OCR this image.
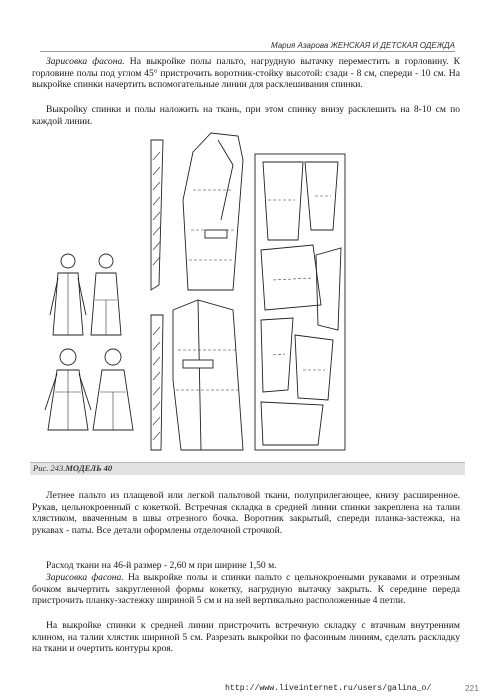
Мария Азарова ЖЕНСКАЯ И ДЕТСКАЯ ОДЕЖДА

Зарисовка фасона. На выкройке полы пальто, нагрудную вытачку переместить в горловину. К горловине полы под углом 45° пристрочить воротник-стойку высотой: сзади - 8 см, спереди - 10 см. На выкройке спинки начертить вспомогательные линии для расклешивания спинки.

Выкройку спинки и полы наложить на ткань, при этом спинку внизу расклешить на 8-10 см по каждой линии.

Рис. 243.МОДЕЛЬ 40

Летнее пальто из плащевой или легкой пальтовой ткани, полуприлегающее, книзу расширенное. Рукав, цельнокроенный с кокеткой. Встречная складка в средней линии спинки закреплена на талии хлястиком, вваченным в швы отрезного бочка. Воротник закрытый, спереди планка-застежка, на рукавах - паты. Все детали оформлены отделочной строчкой.

Расход ткани на 46-й размер - 2,60 м при ширине 1,50 м.

Зарисовка фасона. На выкройке полы и спинки пальто с цельнокроеными рукавами и отрезным бочком вычертить закругленной формы кокетку, нагрудную вытачку закрыть. К середине переда пристрочить планку-застежку шириной 5 см и на ней вертикально расположенные 4 петли.

На выкройке спинки к средней линии пристрочить встречную складку с втачным внутренним клином, на талии хлястик шириной 5 см. Разрезать выкройки по фасонным линиям, сделать раскладку на ткани и очертить контуры кроя.

http://www.liveinternet.ru/users/galina_o/	221
